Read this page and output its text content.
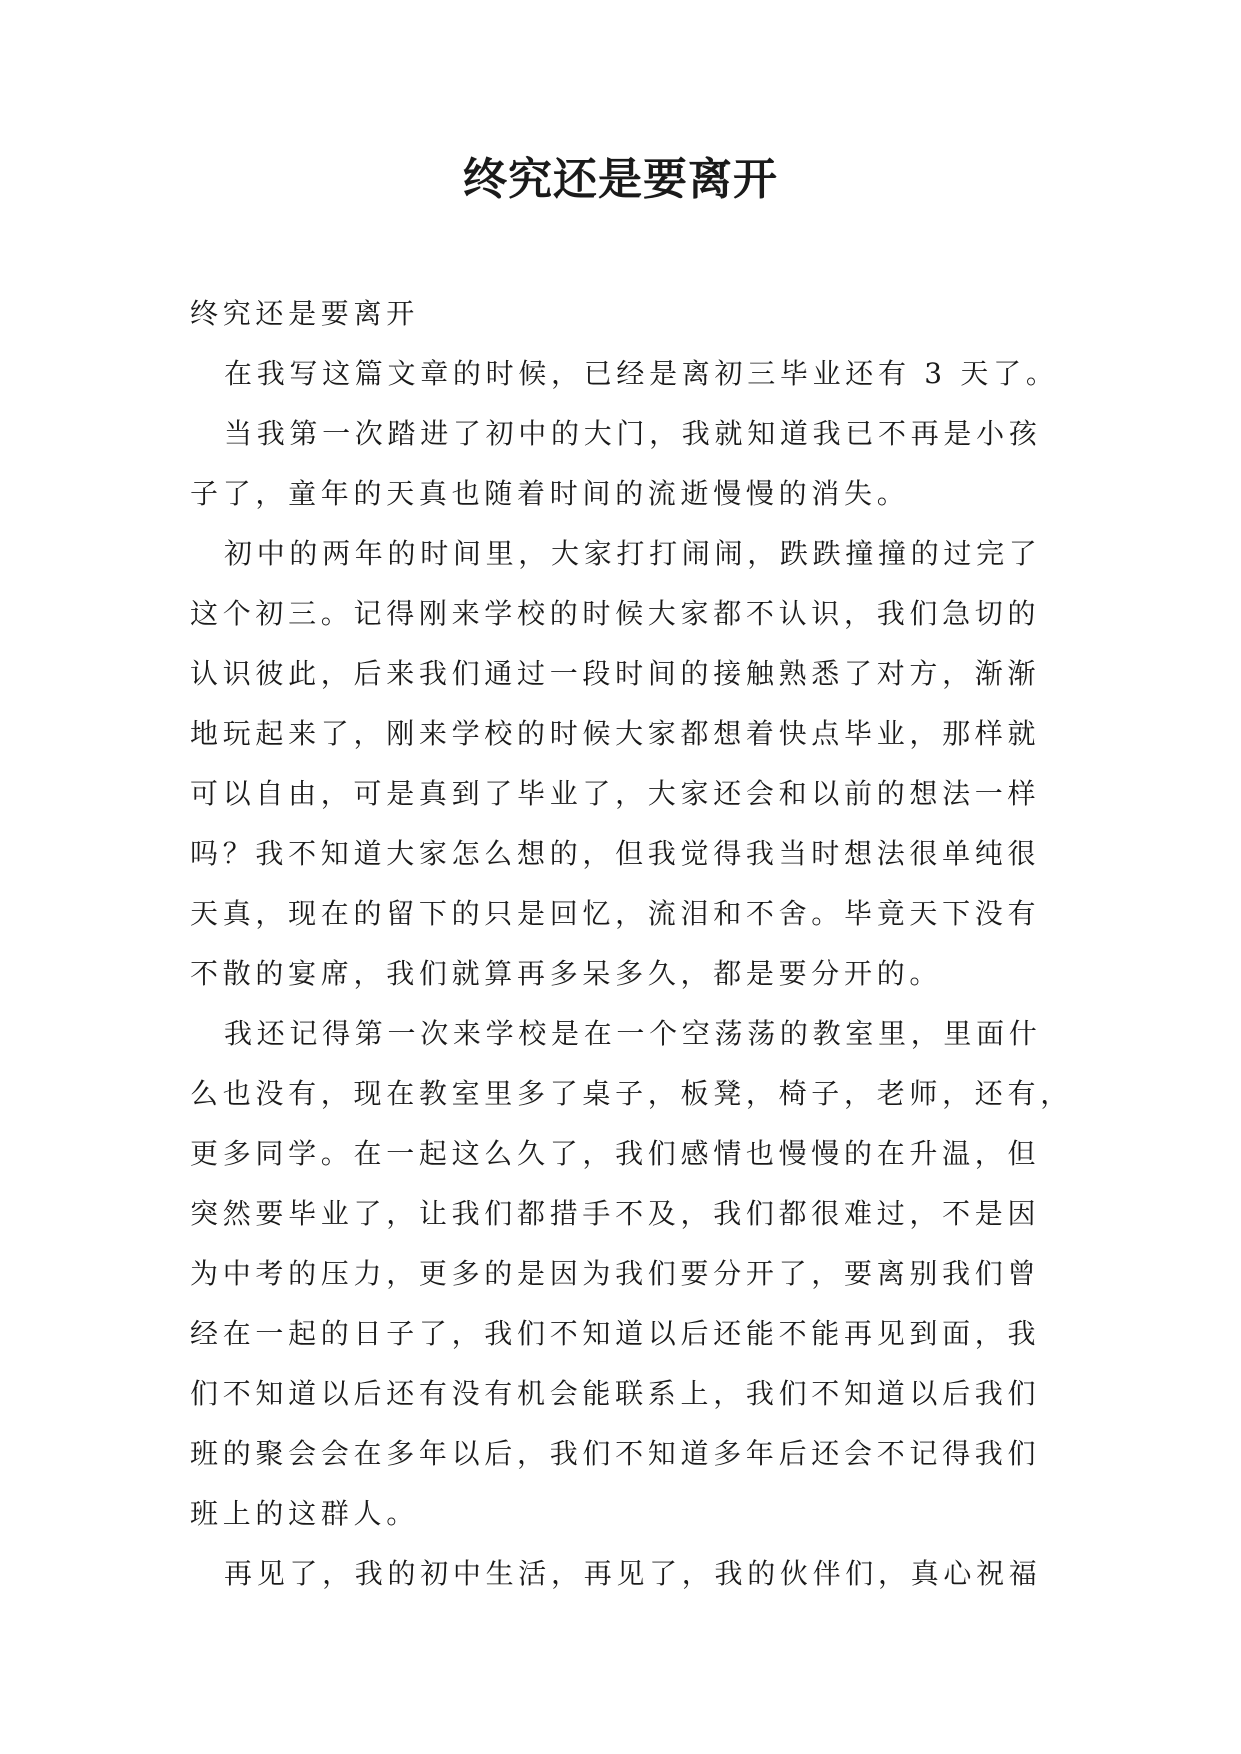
终究还是要离开

终究还是要离开

在我写这篇文章的时候，已经是离初三毕业还有 3 天了。

当我第一次踏进了初中的大门，我就知道我已不再是小孩

子了，童年的天真也随着时间的流逝慢慢的消失。

初中的两年的时间里，大家打打闹闹，跌跌撞撞的过完了

这个初三。记得刚来学校的时候大家都不认识，我们急切的

认识彼此，后来我们通过一段时间的接触熟悉了对方，渐渐

地玩起来了，刚来学校的时候大家都想着快点毕业，那样就

可以自由，可是真到了毕业了，大家还会和以前的想法一样

吗？我不知道大家怎么想的，但我觉得我当时想法很单纯很

天真，现在的留下的只是回忆，流泪和不舍。毕竟天下没有

不散的宴席，我们就算再多呆多久，都是要分开的。

我还记得第一次来学校是在一个空荡荡的教室里，里面什

么也没有，现在教室里多了桌子，板凳，椅子，老师，还有，

更多同学。在一起这么久了，我们感情也慢慢的在升温，但

突然要毕业了，让我们都措手不及，我们都很难过，不是因

为中考的压力，更多的是因为我们要分开了，要离别我们曾

经在一起的日子了，我们不知道以后还能不能再见到面，我

们不知道以后还有没有机会能联系上，我们不知道以后我们

班的聚会会在多年以后，我们不知道多年后还会不记得我们

班上的这群人。

再见了，我的初中生活，再见了，我的伙伴们，真心祝福
